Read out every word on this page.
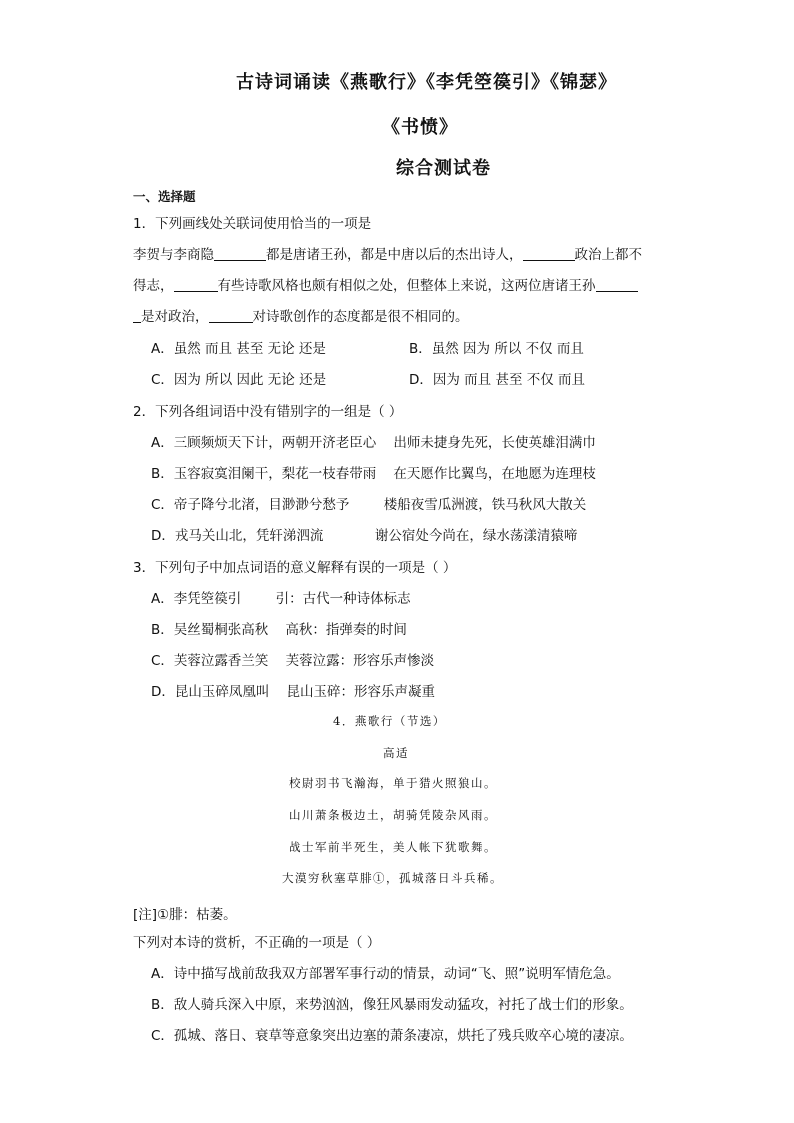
古诗词诵读《燕歌行》《李凭箜篌引》《锦瑟》
《书愤》
综合测试卷
一、选择题
1．下列画线处关联词使用恰当的一项是
李贺与李商隐	都是唐诸王孙，都是中唐以后的杰出诗人，	政治上都不
得志，	有些诗歌风格也颇有相似之处，但整体上来说，这两位唐诸王孙
是对政治，	对诗歌创作的态度都是很不相同的。
A．虽然 而且 甚至 无论 还是	B．虽然 因为 所以 不仅 而且
C．因为 所以 因此 无论 还是	D．因为 而且 甚至 不仅 而且
2．下列各组词语中没有错别字的一组是（ ）
A．三顾频烦天下计，两朝开济老臣心    出师未捷身先死，长使英雄泪满巾
B．玉容寂寞泪阑干，梨花一枝春带雨    在天愿作比翼鸟，在地愿为连理枝
C．帝子降兮北渚，目渺渺兮愁予        楼船夜雪瓜洲渡，铁马秋风大散关
D．戎马关山北，凭轩涕泗流            谢公宿处今尚在，绿水荡漾清猿啼
3．下列句子中加点词语的意义解释有误的一项是（ ）
A．李凭箜篌引        引：古代一种诗体标志
B．吴丝蜀桐张高秋    高秋：指弹奏的时间
C．芙蓉泣露香兰笑    芙蓉泣露：形容乐声惨淡
D．昆山玉碎凤凰叫    昆山玉碎：形容乐声凝重
4．燕歌行（节选）
高适
校尉羽书飞瀚海，单于猎火照狼山。
山川萧条极边土，胡骑凭陵杂风雨。
战士军前半死生，美人帐下犹歌舞。
大漠穷秋塞草腓①，孤城落日斗兵稀。
[注]①腓：枯萎。
下列对本诗的赏析，不正确的一项是（ ）
A．诗中描写战前敌我双方部署军事行动的情景，动词“飞、照”说明军情危急。
B．敌人骑兵深入中原，来势汹汹，像狂风暴雨发动猛攻，衬托了战士们的形象。
C．孤城、落日、衰草等意象突出边塞的萧条凄凉，烘托了残兵败卒心境的凄凉。
